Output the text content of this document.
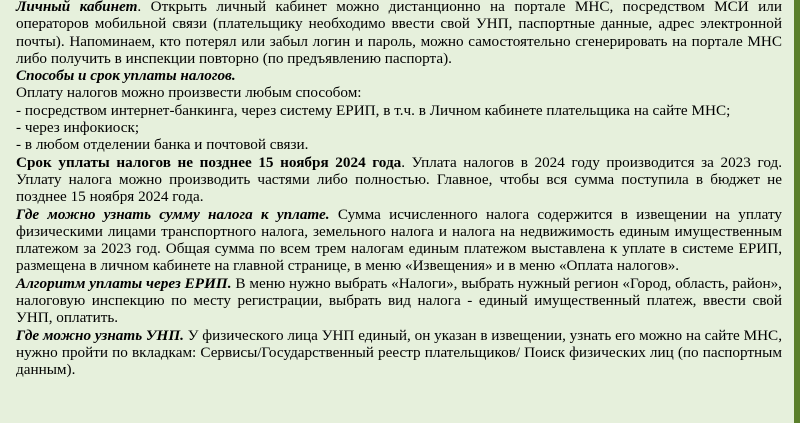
Личный кабинет. Открыть личный кабинет можно дистанционно на портале МНС, посредством МСИ или операторов мобильной связи (плательщику необходимо ввести свой УНП, паспортные данные, адрес электронной почты). Напоминаем, кто потерял или забыл логин и пароль, можно самостоятельно сгенерировать на портале МНС либо получить в инспекции повторно (по предъявлению паспорта).

Способы и срок уплаты налогов.

Оплату налогов можно произвести любым способом:

- посредством интернет-банкинга, через систему ЕРИП, в т.ч. в Личном кабинете плательщика на сайте МНС;

- через инфокиоск;

- в любом отделении банка и почтовой связи.

Срок уплаты налогов не позднее 15 ноября 2024 года. Уплата налогов в 2024 году производится за 2023 год. Уплату налога можно производить частями либо полностью. Главное, чтобы вся сумма поступила в бюджет не позднее 15 ноября 2024 года.

Где можно узнать сумму налога к уплате. Сумма исчисленного налога содержится в извещении на уплату физическими лицами транспортного налога, земельного налога и налога на недвижимость единым имущественным платежом за 2023 год. Общая сумма по всем трем налогам единым платежом выставлена к уплате в системе ЕРИП, размещена в личном кабинете на главной странице, в меню «Извещения» и в меню «Оплата налогов».

Алгоритм уплаты через ЕРИП. В меню нужно выбрать «Налоги», выбрать нужный регион «Город, область, район», налоговую инспекцию по месту регистрации, выбрать вид налога - единый имущественный платеж, ввести свой УНП, оплатить.

Где можно узнать УНП. У физического лица УНП единый, он указан в извещении, узнать его можно на сайте МНС, нужно пройти по вкладкам: Сервисы/Государственный реестр плательщиков/ Поиск физических лиц (по паспортным данным).
